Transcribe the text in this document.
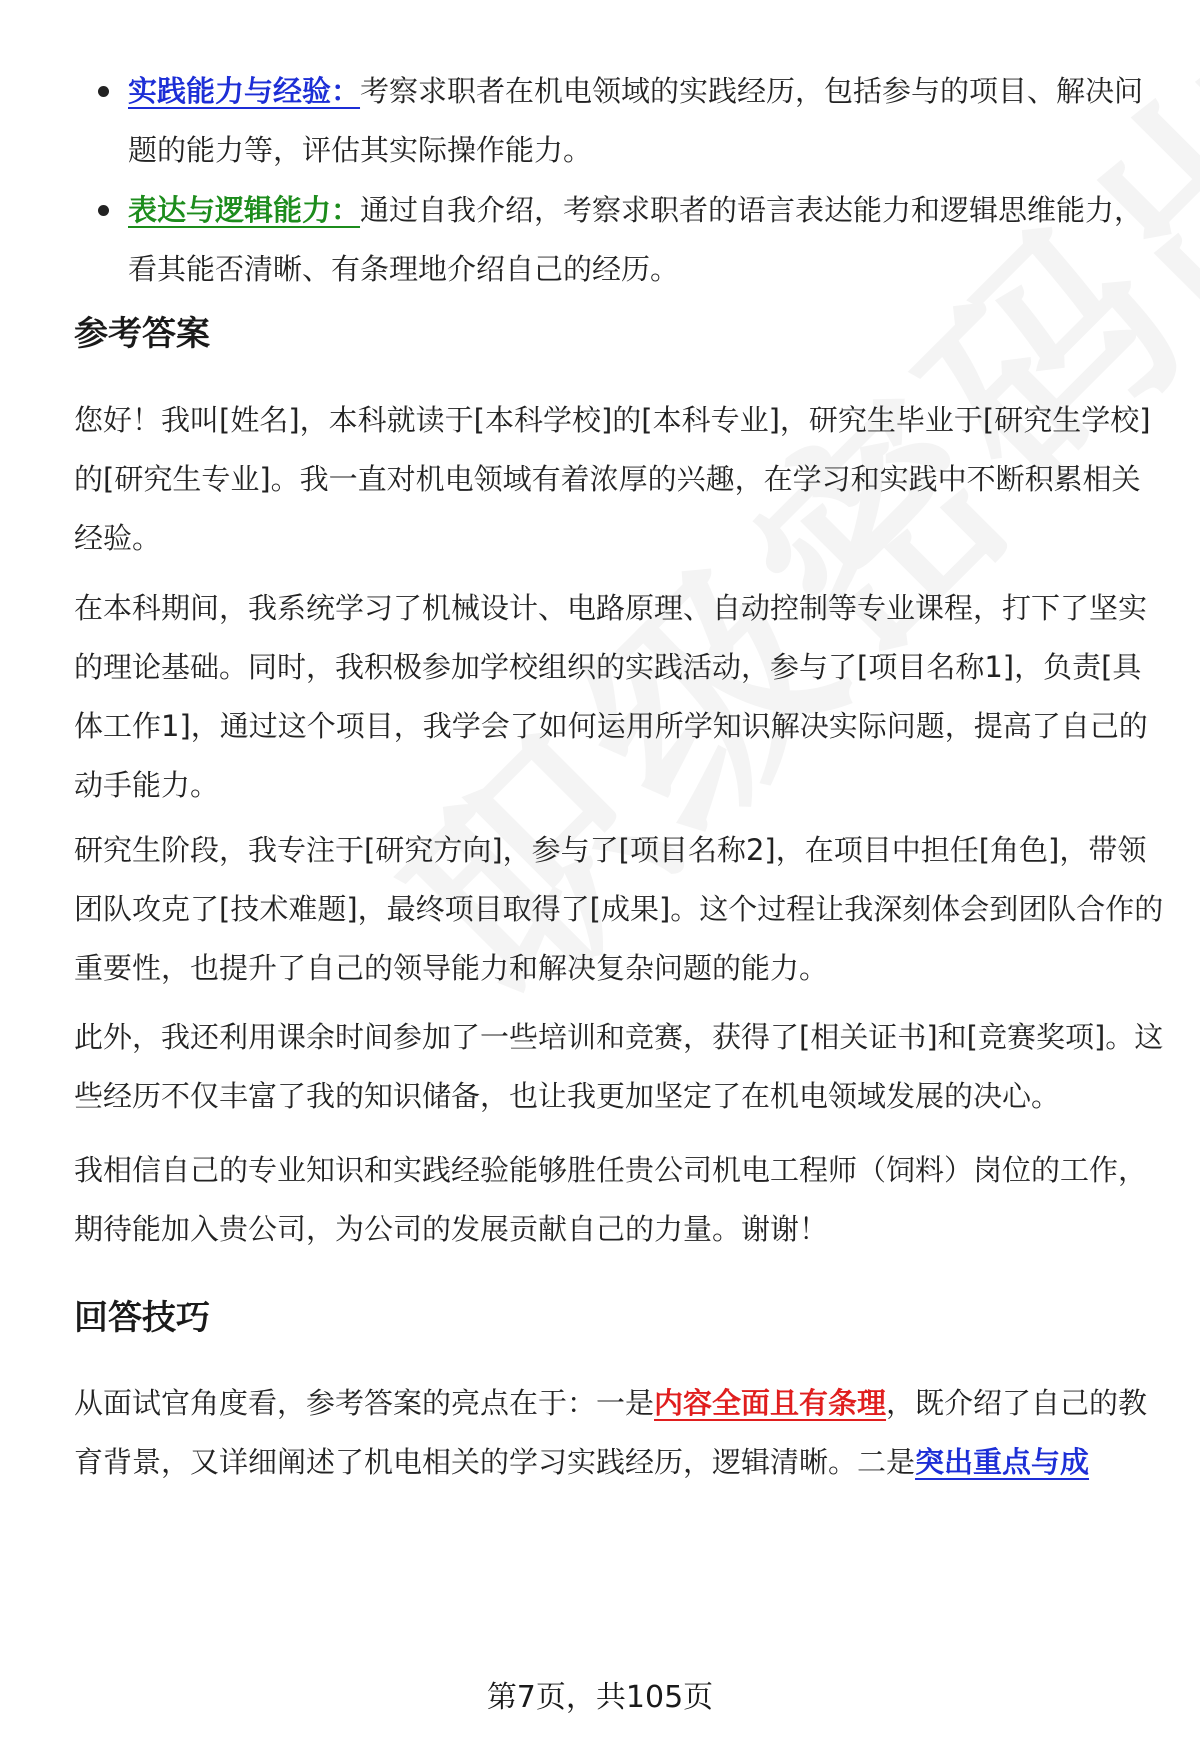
实践能力与经验：考察求职者在机电领域的实践经历，包括参与的项目、解决问题的能力等，评估其实际操作能力。
表达与逻辑能力：通过自我介绍，考察求职者的语言表达能力和逻辑思维能力，看其能否清晰、有条理地介绍自己的经历。
参考答案

您好！我叫[姓名]，本科就读于[本科学校]的[本科专业]，研究生毕业于[研究生学校]的[研究生专业]。我一直对机电领域有着浓厚的兴趣，在学习和实践中不断积累相关经验。

在本科期间，我系统学习了机械设计、电路原理、自动控制等专业课程，打下了坚实的理论基础。同时，我积极参加学校组织的实践活动，参与了[项目名称1]，负责[具体工作1]，通过这个项目，我学会了如何运用所学知识解决实际问题，提高了自己的动手能力。

研究生阶段，我专注于[研究方向]，参与了[项目名称2]，在项目中担任[角色]，带领团队攻克了[技术难题]，最终项目取得了[成果]。这个过程让我深刻体会到团队合作的重要性，也提升了自己的领导能力和解决复杂问题的能力。

此外，我还利用课余时间参加了一些培训和竞赛，获得了[相关证书]和[竞赛奖项]。这些经历不仅丰富了我的知识储备，也让我更加坚定了在机电领域发展的决心。

我相信自己的专业知识和实践经验能够胜任贵公司机电工程师（饲料）岗位的工作，期待能加入贵公司，为公司的发展贡献自己的力量。谢谢！

回答技巧

从面试官角度看，参考答案的亮点在于：一是内容全面且有条理，既介绍了自己的教育背景，又详细阐述了机电相关的学习实践经历，逻辑清晰。二是突出重点与成

第7页，共105页
